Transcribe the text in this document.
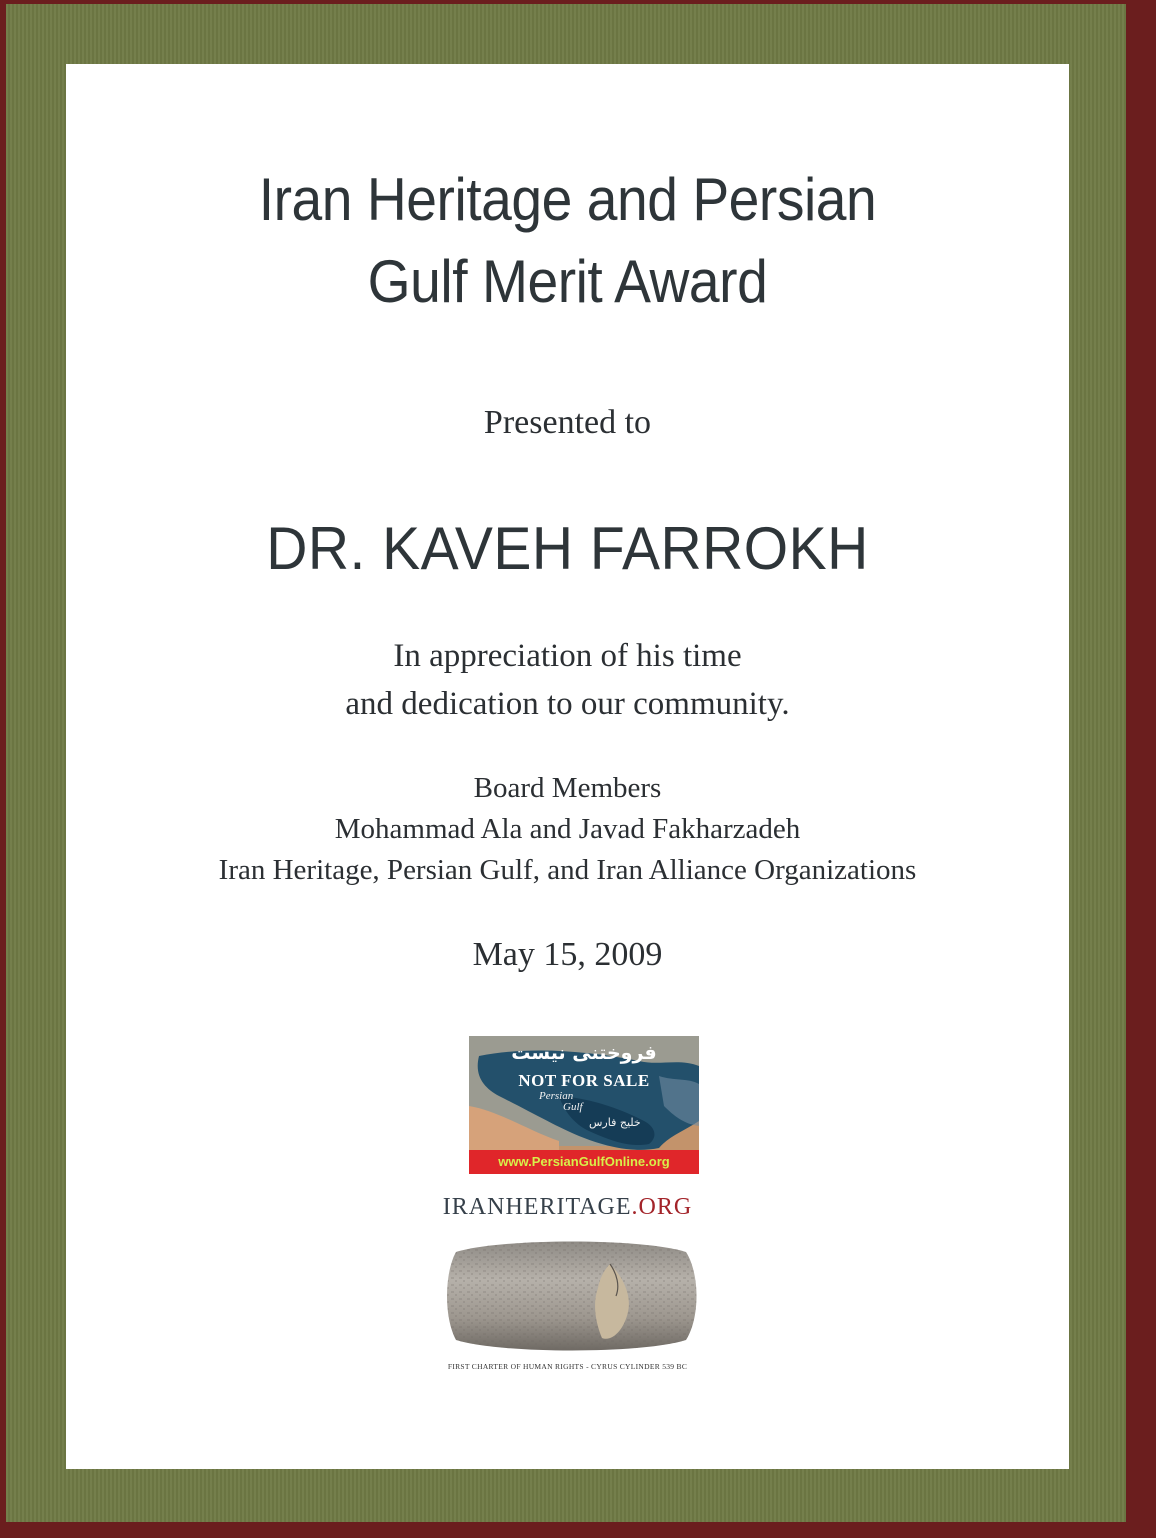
Iran Heritage and Persian
Gulf Merit Award
Presented to
DR. KAVEH FARROKH
In appreciation of his time
and dedication to our community.
Board Members
Mohammad Ala and Javad Fakharzadeh
Iran Heritage, Persian Gulf, and Iran Alliance Organizations
May 15, 2009
فروختنی نیست
NOT FOR SALE
Persian
Gulf
خلیج فارس
www.PersianGulfOnline.org
IRANHERITAGE.ORG
FIRST CHARTER OF HUMAN RIGHTS - CYRUS CYLINDER 539 BC
